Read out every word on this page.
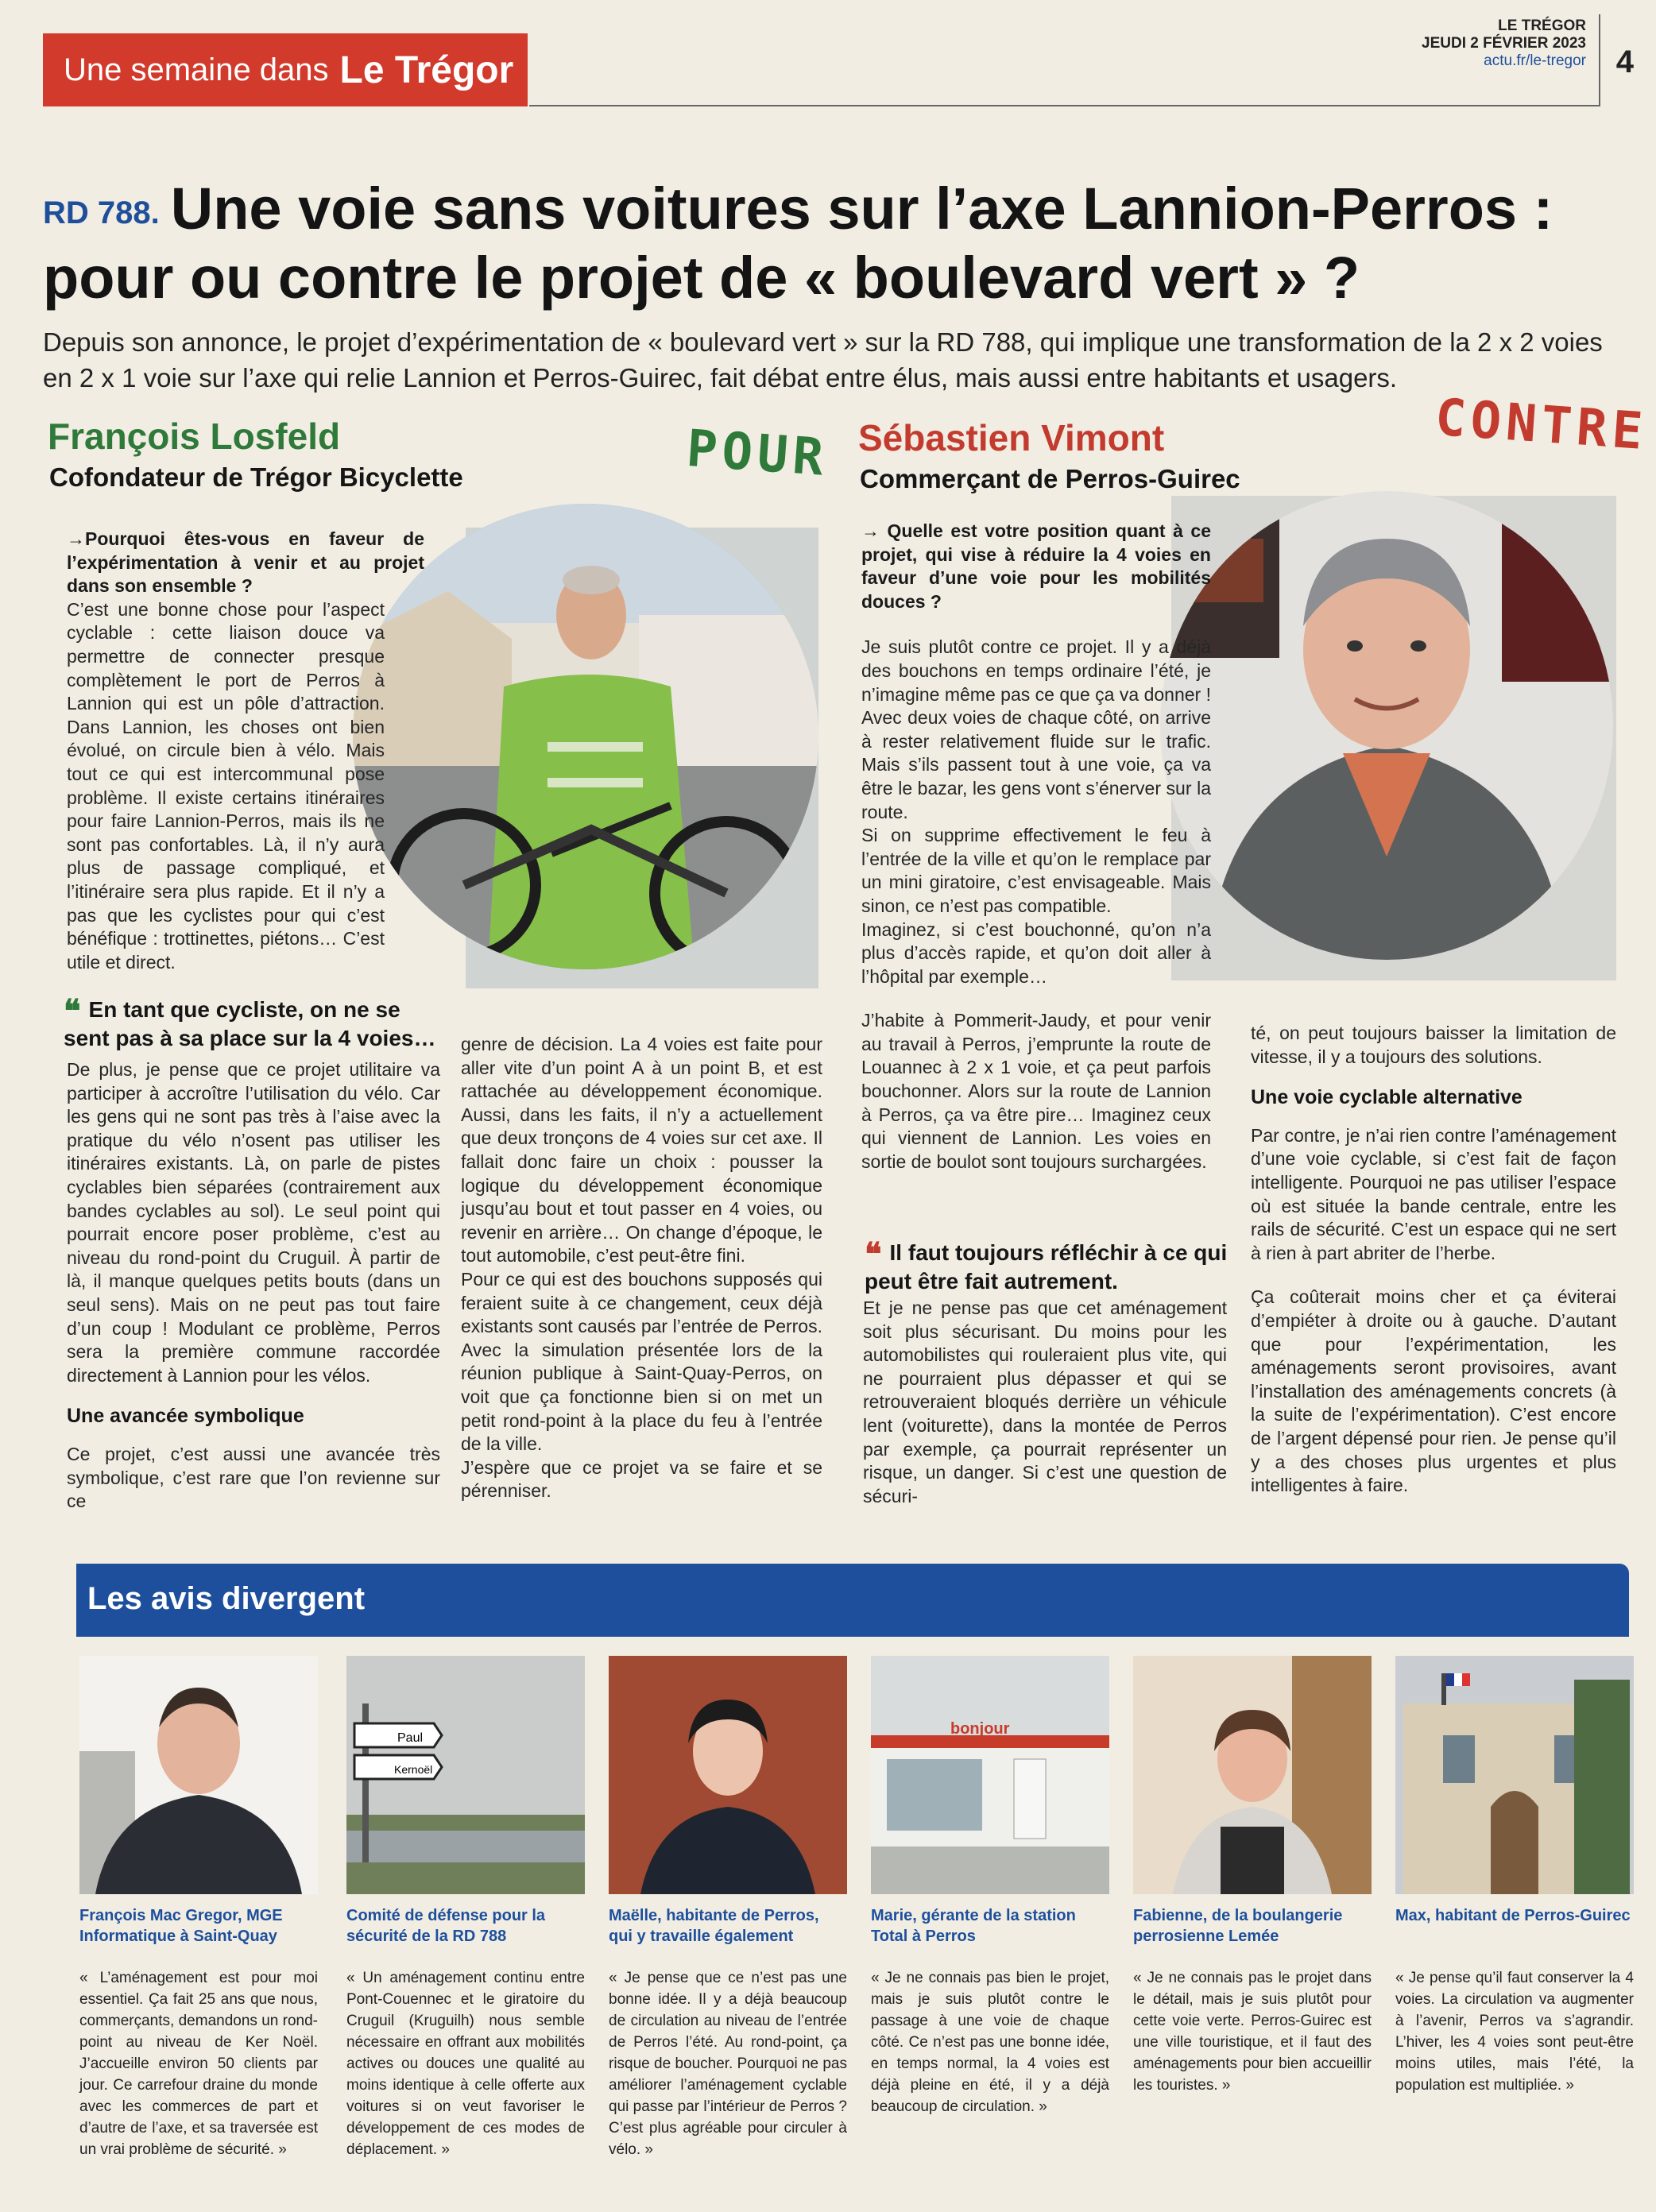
Une semaine dans Le Trégor
LE TRÉGOR
JEUDI 2 FÉVRIER 2023
actu.fr/le-tregor 4
RD 788. Une voie sans voitures sur l’axe Lannion-Perros :
pour ou contre le projet de « boulevard vert » ?
Depuis son annonce, le projet d’expérimentation de « boulevard vert » sur la RD 788, qui implique une transformation de la 2 x 2 voies en 2 x 1 voie sur l’axe qui relie Lannion et Perros-Guirec, fait débat entre élus, mais aussi entre habitants et usagers.
François Losfeld
Cofondateur de Trégor Bicyclette	POUR

→Pourquoi êtes-vous en faveur de l’expérimentation à venir et au projet dans son ensemble ?

C’est une bonne chose pour l’aspect cyclable : cette liaison douce va permettre de connecter presque complètement le port de Perros à Lannion qui est un pôle d’attraction. Dans Lannion, les choses ont bien évolué, on circule bien à vélo. Mais tout ce qui est intercommunal pose problème. Il existe certains itinéraires pour faire Lannion-Perros, mais ils ne sont pas confortables. Là, il n’y aura plus de passage compliqué, et l’itinéraire sera plus rapide. Et il n’y a pas que les cyclistes pour qui c’est bénéfique : trottinettes, piétons… C’est utile et direct.

❝ En tant que cycliste, on ne se sent pas à sa place sur la 4 voies…

De plus, je pense que ce projet utilitaire va participer à accroître l’utilisation du vélo. Car les gens qui ne sont pas très à l’aise avec la pratique du vélo n’osent pas utiliser les itinéraires existants. Là, on parle de pistes cyclables bien séparées (contrairement aux bandes cyclables au sol). Le seul point qui pourrait encore poser problème, c’est au niveau du rond-point du Cruguil. À partir de là, il manque quelques petits bouts (dans un seul sens). Mais on ne peut pas tout faire d’un coup ! Modulant ce problème, Perros sera la première commune raccordée directement à Lannion pour les vélos.

Une avancée symbolique

Ce projet, c’est aussi une avancée très symbolique, c’est rare que l’on revienne sur ce

genre de décision. La 4 voies est faite pour aller vite d’un point A à un point B, et est rattachée au développement économique. Aussi, dans les faits, il n’y a actuellement que deux tronçons de 4 voies sur cet axe. Il fallait donc faire un choix : pousser la logique du développement économique jusqu’au bout et tout passer en 4 voies, ou revenir en arrière… On change d’époque, le tout automobile, c’est peut-être fini.

Pour ce qui est des bouchons supposés qui feraient suite à ce changement, ceux déjà existants sont causés par l’entrée de Perros. Avec la simulation présentée lors de la réunion publique à Saint-Quay-Perros, on voit que ça fonctionne bien si on met un petit rond-point à la place du feu à l’entrée de la ville.

J’espère que ce projet va se faire et se pérenniser.

Sébastien Vimont
Commerçant de Perros-Guirec
CONTRE

→ Quelle est votre position quant à ce projet, qui vise à réduire la 4 voies en faveur d’une voie pour les mobilités douces ?

Je suis plutôt contre ce projet. Il y a déjà des bouchons en temps ordinaire l’été, je n’imagine même pas ce que ça va donner ! Avec deux voies de chaque côté, on arrive à rester relativement fluide sur le trafic. Mais s’ils passent tout à une voie, ça va être le bazar, les gens vont s’énerver sur la route.

Si on supprime effectivement le feu à l’entrée de la ville et qu’on le remplace par un mini giratoire, c’est envisageable. Mais sinon, ce n’est pas compatible.

Imaginez, si c’est bouchonné, qu’on n’a plus d’accès rapide, et qu’on doit aller à l’hôpital par exemple…

J’habite à Pommerit-Jaudy, et pour venir au travail à Perros, j’emprunte la route de Louannec à 2 x 1 voie, et ça peut parfois bouchonner. Alors sur la route de Lannion à Perros, ça va être pire… Imaginez ceux qui viennent de Lannion. Les voies en sortie de boulot sont toujours surchargées.

❝ Il faut toujours réfléchir à ce qui peut être fait autrement.

Et je ne pense pas que cet aménagement soit plus sécurisant. Du moins pour les automobilistes qui rouleraient plus vite, qui ne pourraient plus dépasser et qui se retrouveraient bloqués derrière un véhicule lent (voiturette), dans la montée de Perros par exemple, ça pourrait représenter un risque, un danger. Si c’est une question de sécuri-

té, on peut toujours baisser la limitation de vitesse, il y a toujours des solutions.

Une voie cyclable alternative

Par contre, je n’ai rien contre l’aménagement d’une voie cyclable, si c’est fait de façon intelligente. Pourquoi ne pas utiliser l’espace où est située la bande centrale, entre les rails de sécurité. C’est un espace qui ne sert à rien à part abriter de l’herbe.

Ça coûterait moins cher et ça éviterai d’empiéter à droite ou à gauche. D’autant que pour l’expérimentation, les aménagements seront provisoires, avant l’installation des aménagements concrets (à la suite de l’expérimentation). C’est encore de l’argent dépensé pour rien. Je pense qu’il y a des choses plus urgentes et plus intelligentes à faire.

Les avis divergent
François Mac Gregor, MGE Informatique à Saint-Quay
« L’aménagement est pour moi essentiel. Ça fait 25 ans que nous, commerçants, demandons un rond-point au niveau de Ker Noël. J’accueille environ 50 clients par jour. Ce carrefour draine du monde avec les commerces de part et d’autre de l’axe, et sa traversée est un vrai problème de sécurité. »
Paul
Kernoël
Comité de défense pour la sécurité de la RD 788
« Un aménagement continu entre Pont-Couennec et le giratoire du Cruguil (Kruguilh) nous semble nécessaire en offrant aux mobilités actives ou douces une qualité au moins identique à celle offerte aux voitures si on veut favoriser le développement de ces modes de déplacement. »
Maëlle, habitante de Perros, qui y travaille également
« Je pense que ce n’est pas une bonne idée. Il y a déjà beaucoup de circulation au niveau de l’entrée de Perros l’été. Au rond-point, ça risque de boucher. Pourquoi ne pas améliorer l’aménagement cyclable qui passe par l’intérieur de Perros ? C’est plus agréable pour circuler à vélo. »
bonjour
Marie, gérante de la station Total à Perros
« Je ne connais pas bien le projet, mais je suis plutôt contre le passage à une voie de chaque côté. Ce n’est pas une bonne idée, en temps normal, la 4 voies est déjà pleine en été, il y a déjà beaucoup de circulation. »
Fabienne, de la boulangerie perrosienne Lemée
« Je ne connais pas le projet dans le détail, mais je suis plutôt pour cette voie verte. Perros-Guirec est une ville touristique, et il faut des aménagements pour bien accueillir les touristes. »
Max, habitant de Perros-Guirec
« Je pense qu’il faut conserver la 4 voies. La circulation va augmenter à l’avenir, Perros va s’agrandir. L’hiver, les 4 voies sont peut-être moins utiles, mais l’été, la population est multipliée. »
